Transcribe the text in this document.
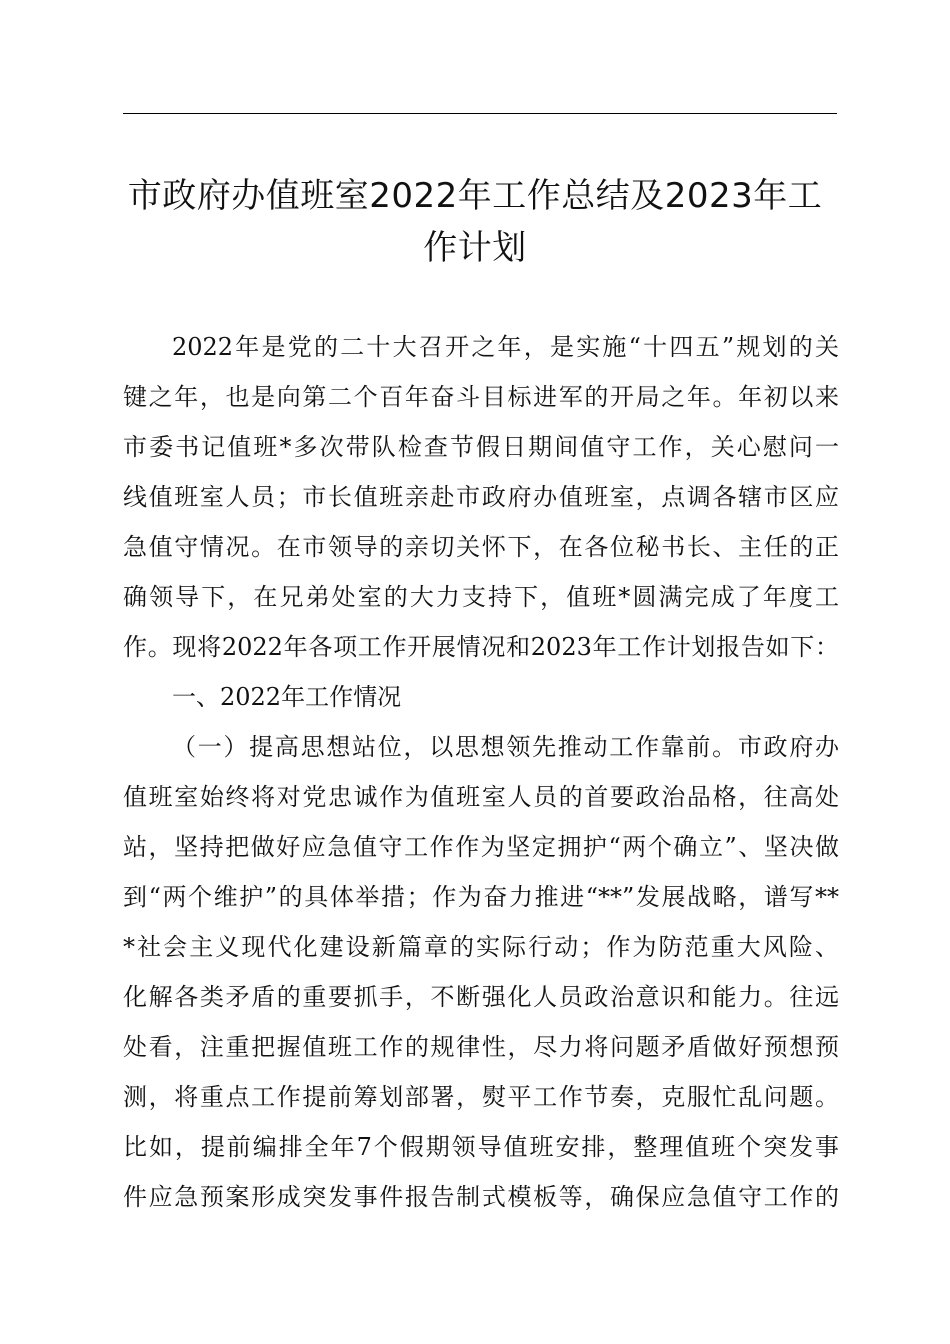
市政府办值班室2022年工作总结及2023年工
作计划
2022年是党的二十大召开之年，是实施“十四五”规划的关
键之年，也是向第二个百年奋斗目标进军的开局之年。年初以来
市委书记值班*多次带队检查节假日期间值守工作，关心慰问一
线值班室人员；市长值班亲赴市政府办值班室，点调各辖市区应
急值守情况。在市领导的亲切关怀下，在各位秘书长、主任的正
确领导下，在兄弟处室的大力支持下，值班*圆满完成了年度工
作。现将2022年各项工作开展情况和2023年工作计划报告如下：
一、2022年工作情况
（一）提高思想站位，以思想领先推动工作靠前。市政府办
值班室始终将对党忠诚作为值班室人员的首要政治品格，往高处
站，坚持把做好应急值守工作作为坚定拥护“两个确立”、坚决做
到“两个维护”的具体举措；作为奋力推进“**”发展战略，谱写**
*社会主义现代化建设新篇章的实际行动；作为防范重大风险、
化解各类矛盾的重要抓手，不断强化人员政治意识和能力。往远
处看，注重把握值班工作的规律性，尽力将问题矛盾做好预想预
测，将重点工作提前筹划部署，熨平工作节奏，克服忙乱问题。
比如，提前编排全年7个假期领导值班安排，整理值班个突发事
件应急预案形成突发事件报告制式模板等，确保应急值守工作的
